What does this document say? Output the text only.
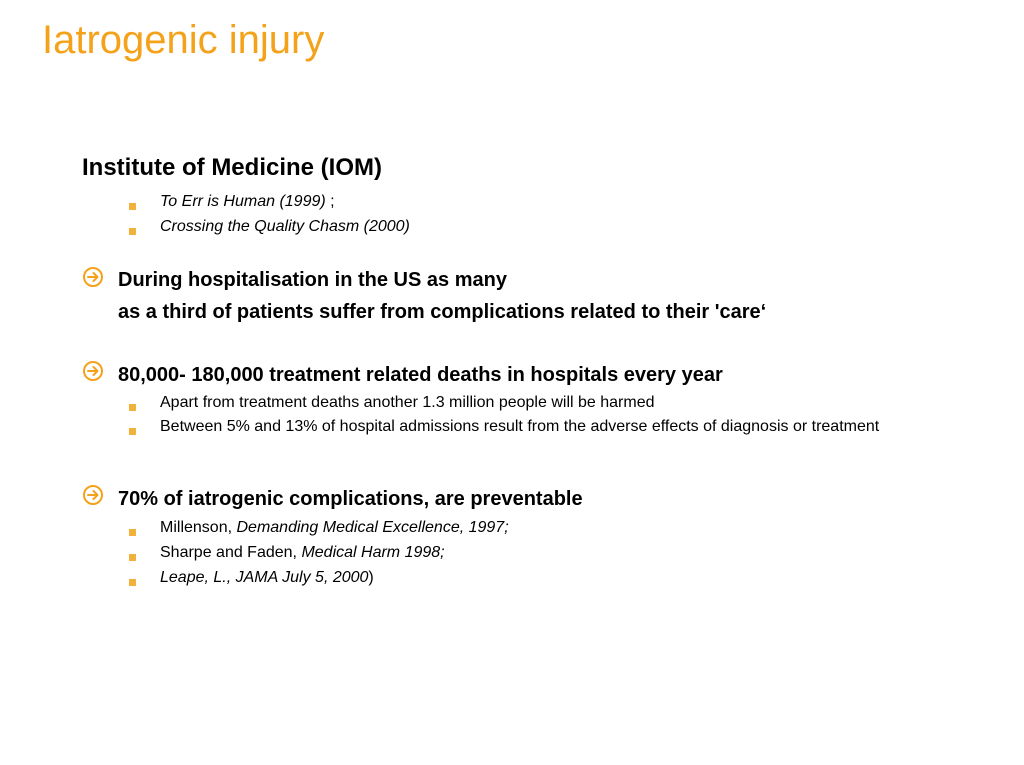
Iatrogenic injury
Institute of Medicine (IOM)
To Err is Human (1999) ;
Crossing the Quality Chasm (2000)
During hospitalisation in the US as many
as a third of patients suffer from complications related to their 'care‘
80,000- 180,000 treatment related deaths in hospitals every year
Apart from treatment deaths another 1.3 million people will be harmed
Between 5% and 13% of hospital admissions result from the adverse effects of diagnosis or treatment
70% of iatrogenic complications, are preventable
Millenson, Demanding Medical Excellence, 1997;
Sharpe and Faden, Medical Harm 1998;
Leape, L., JAMA July 5, 2000)
